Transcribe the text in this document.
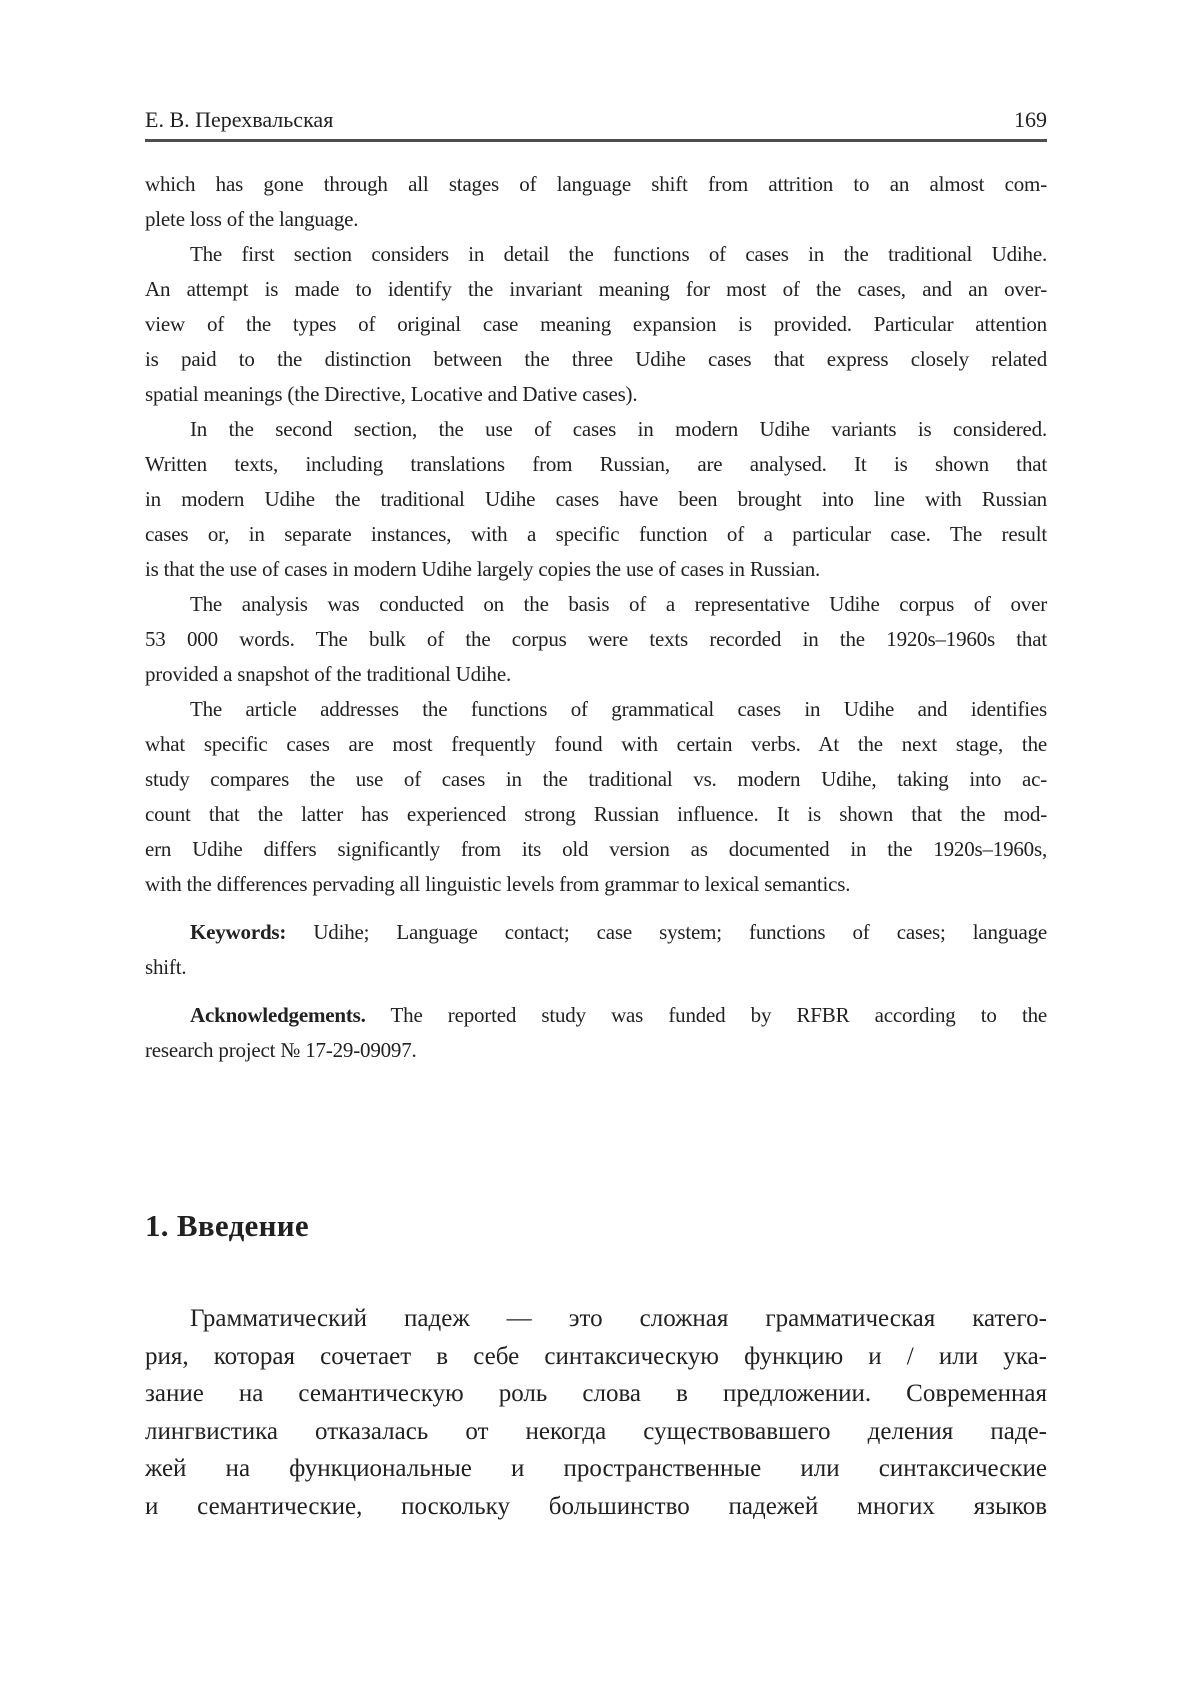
Е. В. Перехвальская	169
which has gone through all stages of language shift from attrition to an almost com-
plete loss of the language.
The first section considers in detail the functions of cases in the traditional Udihe.
An attempt is made to identify the invariant meaning for most of the cases, and an over-
view of the types of original case meaning expansion is provided. Particular attention
is paid to the distinction between the three Udihe cases that express closely related
spatial meanings (the Directive, Locative and Dative cases).
In the second section, the use of cases in modern Udihe variants is considered.
Written texts, including translations from Russian, are analysed. It is shown that
in modern Udihe the traditional Udihe cases have been brought into line with Russian
cases or, in separate instances, with a specific function of a particular case. The result
is that the use of cases in modern Udihe largely copies the use of cases in Russian.
The analysis was conducted on the basis of a representative Udihe corpus of over
53 000 words. The bulk of the corpus were texts recorded in the 1920s–1960s that
provided a snapshot of the traditional Udihe.
The article addresses the functions of grammatical cases in Udihe and identifies
what specific cases are most frequently found with certain verbs. At the next stage, the
study compares the use of cases in the traditional vs. modern Udihe, taking into ac-
count that the latter has experienced strong Russian influence. It is shown that the mod-
ern Udihe differs significantly from its old version as documented in the 1920s–1960s,
with the differences pervading all linguistic levels from grammar to lexical semantics.
Keywords: Udihe; Language contact; case system; functions of cases; language
shift.
Acknowledgements. The reported study was funded by RFBR according to the
research project № 17-29-09097.
1. Введение
Грамматический падеж — это сложная грамматическая катего-
рия, которая сочетает в себе синтаксическую функцию и / или ука-
зание на семантическую роль слова в предложении. Современная
лингвистика отказалась от некогда существовавшего деления паде-
жей на функциональные и пространственные или синтаксические
и семантические, поскольку большинство падежей многих языков
